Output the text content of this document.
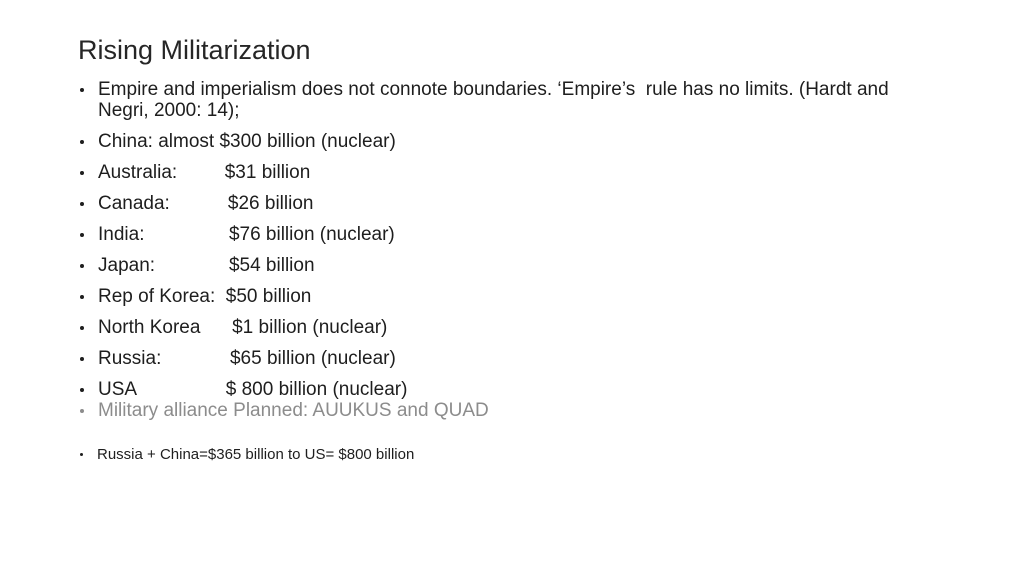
Rising Militarization
Empire and imperialism does not connote boundaries. ‘Empire’s  rule has no limits. (Hardt and Negri, 2000: 14);
China: almost $300 billion (nuclear)
Australia:         $31 billion
Canada:           $26 billion
India:                $76 billion (nuclear)
Japan:              $54 billion
Rep of Korea:  $50 billion
North Korea      $1 billion (nuclear)
Russia:             $65 billion (nuclear)
USA                 $ 800 billion (nuclear)
Military alliance Planned: AUUKUS and QUAD
Russia + China=$365 billion to US= $800 billion
